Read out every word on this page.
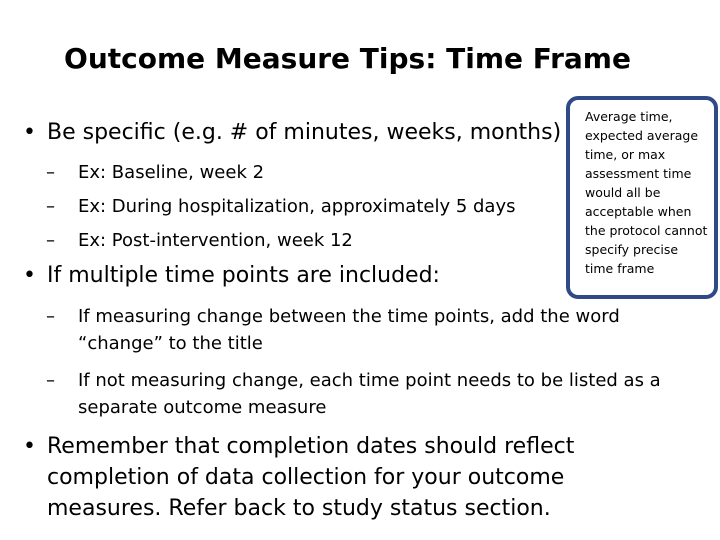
Outcome Measure Tips: Time Frame
• Be specific (e.g. # of minutes, weeks, months)
– Ex: Baseline, week 2
– Ex: During hospitalization, approximately 5 days
– Ex: Post-intervention, week 12
• If multiple time points are included:
– If measuring change between the time points, add the word “change” to the title
– If not measuring change, each time point needs to be listed as a separate outcome measure
• Remember that completion dates should reflect completion of data collection for your outcome measures. Refer back to study status section.
Average time, expected average time, or max assessment time would all be acceptable when the protocol cannot specify precise time frame
